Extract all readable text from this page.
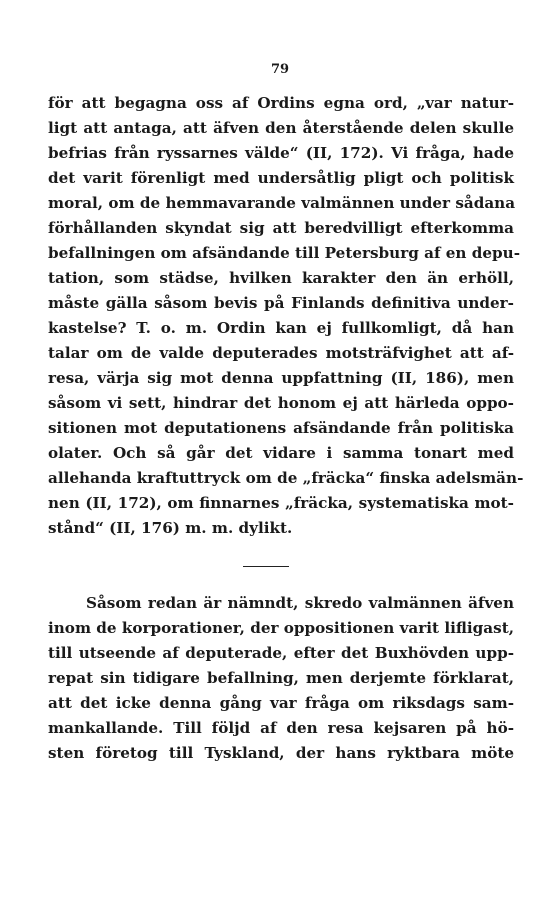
79
för att begagna oss af Ordins egna ord, „var natur-
ligt att antaga, att äfven den återstående delen skulle
befrias från ryssarnes välde“ (II, 172). Vi fråga, hade
det varit förenligt med undersåtlig pligt och politisk
moral, om de hemmavarande valmännen under sådana
förhållanden skyndat sig att beredvilligt efterkomma
befallningen om afsändande till Petersburg af en depu-
tation, som städse, hvilken karakter den än erhöll,
måste gälla såsom bevis på Finlands definitiva under-
kastelse? T. o. m. Ordin kan ej fullkomligt, då han
talar om de valde deputerades motsträfvighet att af-
resa, värja sig mot denna uppfattning (II, 186), men
såsom vi sett, hindrar det honom ej att härleda oppo-
sitionen mot deputationens afsändande från politiska
olater. Och så går det vidare i samma tonart med
allehanda kraftuttryck om de „fräcka“ finska adelsmän-
nen (II, 172), om finnarnes „fräcka, systematiska mot-
stånd“ (II, 176) m. m. dylikt.
Såsom redan är nämndt, skredo valmännen äfven
inom de korporationer, der oppositionen varit lifligast,
till utseende af deputerade, efter det Buxhövden upp-
repat sin tidigare befallning, men derjemte förklarat,
att det icke denna gång var fråga om riksdags sam-
mankallande. Till följd af den resa kejsaren på hö-
sten företog till Tyskland, der hans ryktbara möte
